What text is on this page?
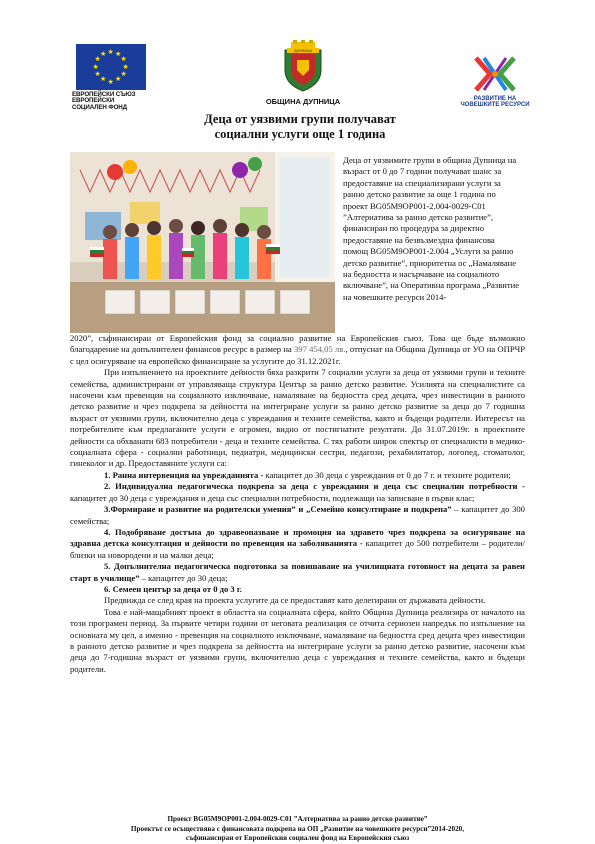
★ ★
★
★
★
★
★
★
★
★
★
★
ЕВРОПЕЙСКИ СЪЮЗ
ЕВРОПЕЙСКИ
СОЦИАЛЕН ФОНД
ДУПНИЦА
ОБЩИНА ДУПНИЦА	РАЗВИТИЕ НА
ЧОВЕШКИТЕ РЕСУРСИ
Деца от уязвими групи получават
социални услуги още 1 година

Деца от уязвимите групи в община Дупница на възраст от 0 до 7 години получават шанс за предоставяне на специализирани услуги за ранно детско развитие за още 1 година по проект BG05M9OP001-2.004-0029-C01 ”Алтернатива за ранно детско развитие”, финансиран по процедура за директно предоставяне на безвъзмездна финансова помощ BG05M9OP001-2.004 „Услуги за ранно детско развитие”, приоритетна ос „Намаляване на бедността и насърчаване на социалното включване”, на Оперативна програма „Развитие на човешките ресурси 2014-

2020”, съфинансиран от Европейския фонд за социално развитие на Европейския съюз. Това ще бъде възможно благодарение на допълнителен финансов ресурс в размер на 397 454,05 лв., отпуснат на Община Дупница от УО на ОПРЧР с цел осигуряване на европейско финансиране за услугите до 31.12.2021г.

При изпълнението на проектните дейности бяха разкрити 7 социални услуги за деца от уязвими групи и техните семейства, администрирани от управляваща структура Център за ранно детско развитие. Усилията на специалистите са насочени към превенция на социалното изключване, намаляване на бедността сред децата, чрез инвестиции в ранното детско развитие и чрез подкрепа за дейността на интегриране услуги за ранно детско развитие за деца до 7 годишна възраст от уязвими групи, включително деца с увреждания и техните семейства, както и бъдещи родители. Интересът на потребителите към предлаганите услуги е огромен, видно от постигнатите резултати. До 31.07.2019г. в проектните дейности са обхванати 683 потребители - деца и техните семейства. С тях работи широк спектър от специалисти в медико-социалната сфера - социални работници, педиатри, медицински сестри, педагози, рехабилитатор, логопед, стоматолог, гинеколог и др. Предоставяните услуги са:

1. Ранна интервенция на уврежданията - капацитет до 30 деца с увреждания от 0 до 7 г. и техните родители;

2. Индивидуална педагогическа подкрепа за деца с увреждания и деца със специални потребности - капацитет до 30 деца с увреждания и деца със специални потребности, подлежащи на записване в първи клас;

3.Формиране и развитие на родителски умения” и „Семейно консултиране и подкрепа” – капацитет до 300 семейства;

4. Подобряване достъпа до здравеопазване и промоция на здравето чрез подкрепа за осигуряване на здравна детска консултация и дейности по превенция на заболяванията - капацитет до 500 потребители – родители/близки на новородени и на малки деца;

5. Допълнителна педагогическа подготовка за повишаване на училищната готовност на децата за равен старт в училище” – капацитет до 30 деца;

6. Семеен център за деца от 0 до 3 г.

Предвижда се след края на проекта услугите да се предоставят като делегирани от държавата дейности.

Това е най-мащабният проект в областта на социалната сфера, който Община Дупница реализира от началото на този програмен период. За първите четири години от неговата реализация се отчита сериозен напредък по изпълнение на основната му цел, а именно - превенция на социалното изключване, намаляване на бедността сред децата чрез инвестиции в ранното детско развитие и чрез подкрепа за дейността на интегриране услуги за ранно детско развитие, насочени към деца до 7-годишна възраст от уязвими групи, включително деца с увреждания и техните семейства, както и бъдещи родители.

Проект BG05M9OP001-2.004-0029-C01 ”Алтернатива за ранно детско развитие”
Проектът се осъществява с финансовата подкрепа на ОП „Развитие на човешките ресурси”2014-2020,
съфинансиран от Европейския социален фонд на Европейския съюз
